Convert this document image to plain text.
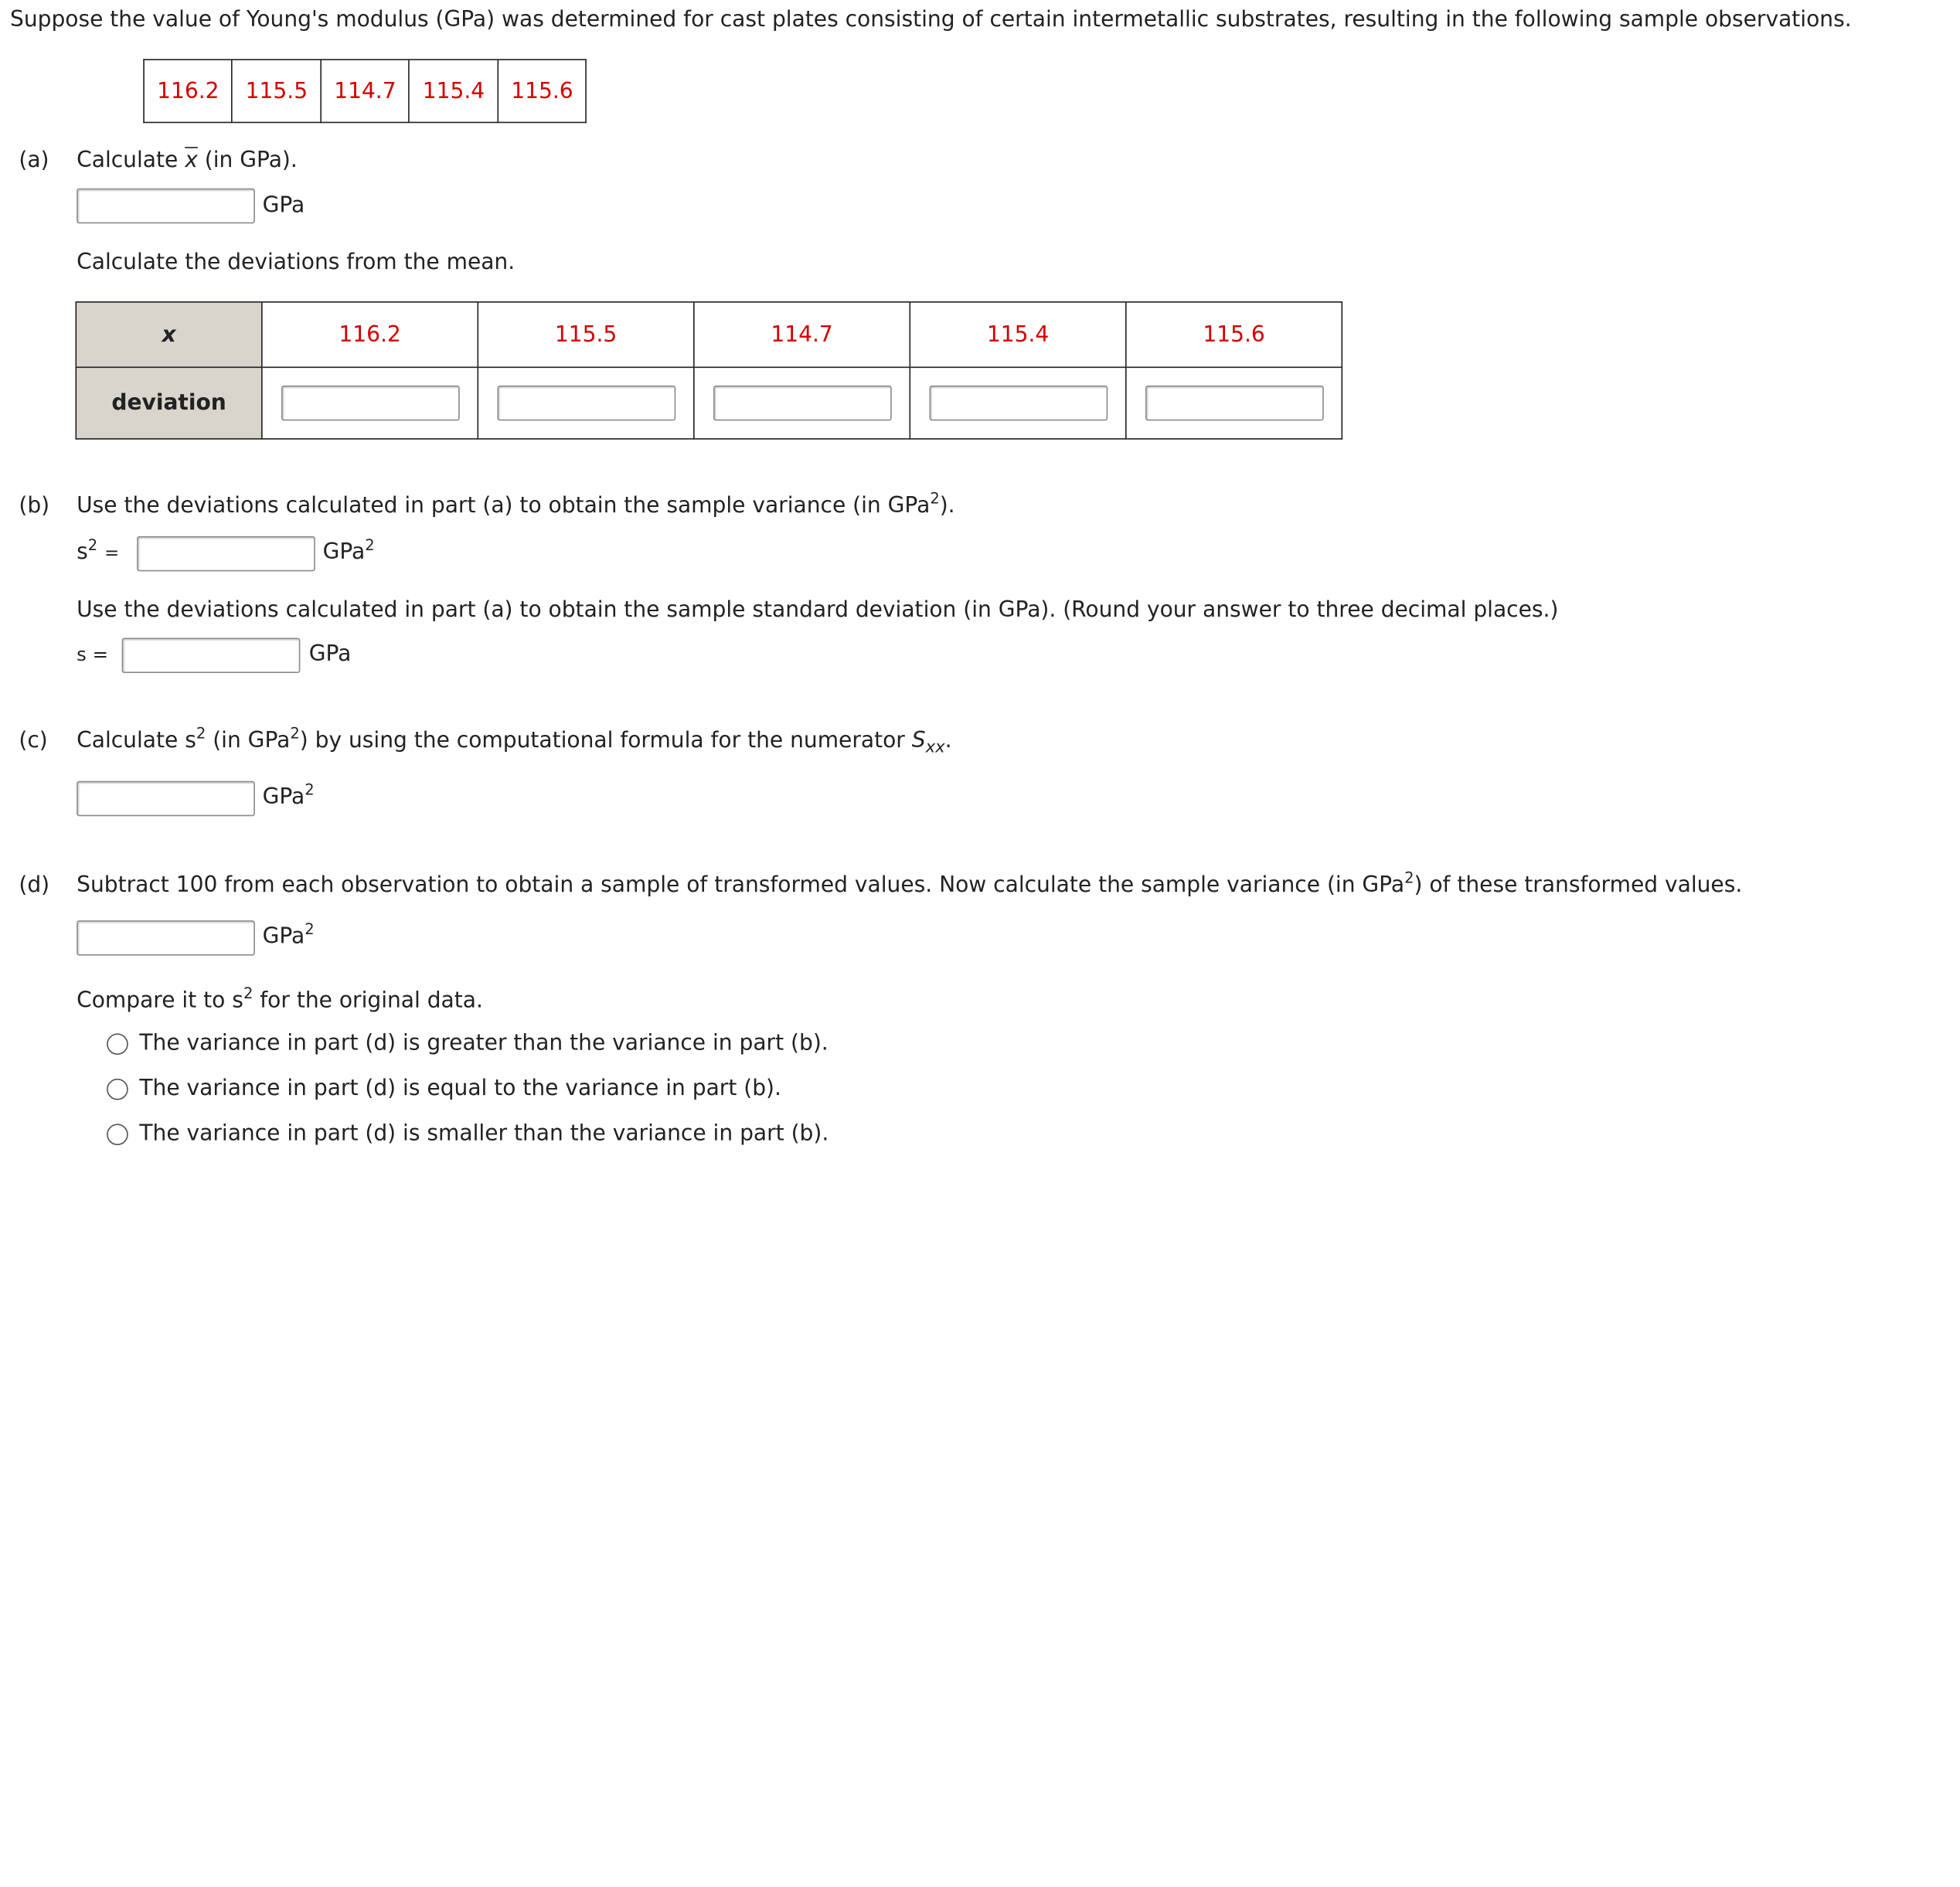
Suppose the value of Young's modulus (GPa) was determined for cast plates consisting of certain intermetallic substrates, resulting in the following sample observations.
116.2	115.5	114.7	115.4	115.6
(a) Calculate $\overline{x}$ (in GPa).
GPa
Calculate the deviations from the mean.
x	116.2	115.5	114.7	115.4	115.6
deviation					
(b) Use the deviations calculated in part (a) to obtain the sample variance (in GPa$^2$).
$s^2$ =	GPa$^2$
Use the deviations calculated in part (a) to obtain the sample standard deviation (in GPa). (Round your answer to three decimal places.)
s =	GPa
(c) Calculate $s^2$ (in GPa$^2$) by using the computational formula for the numerator $S_{xx}$.
GPa$^2$
(d) Subtract 100 from each observation to obtain a sample of transformed values. Now calculate the sample variance (in GPa$^2$) of these transformed values.
GPa$^2$
Compare it to $s^2$ for the original data.
The variance in part (d) is greater than the variance in part (b).
The variance in part (d) is equal to the variance in part (b).
The variance in part (d) is smaller than the variance in part (b).
